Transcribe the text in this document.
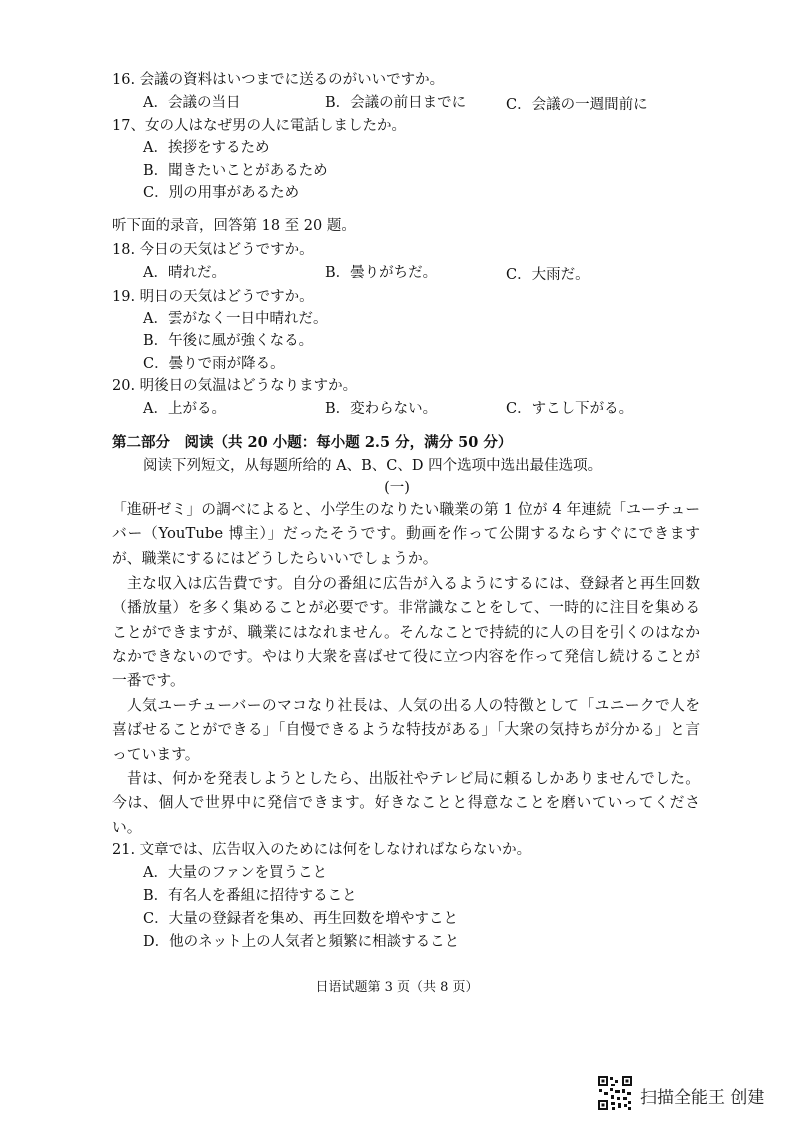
16. 会議の資料はいつまでに送るのがいいですか。
A．会議の当日	B．会議の前日までに	C．会議の一週間前に
17、女の人はなぜ男の人に電話しましたか。
A．挨拶をするため
B．聞きたいことがあるため
C．別の用事があるため
听下面的录音，回答第 18 至 20 题。
18. 今日の天気はどうですか。
A．晴れだ。	B．曇りがちだ。	C．大雨だ。
19. 明日の天気はどうですか。
A．雲がなく一日中晴れだ。
B．午後に風が強くなる。
C．曇りで雨が降る。
20. 明後日の気温はどうなりますか。
A．上がる。	B．変わらない。	C．すこし下がる。
第二部分　阅读（共 20 小题：每小题 2.5 分，满分 50 分）
阅读下列短文，从每题所给的 A、B、C、D 四个选项中选出最佳选项。
(一)
「進研ゼミ」の調べによると、小学生のなりたい職業の第 1 位が 4 年連続「ユーチューバー（YouTube 博主）」だったそうです。動画を作って公開するならすぐにできますが、職業にするにはどうしたらいいでしょうか。
主な収入は広告費です。自分の番組に広告が入るようにするには、登録者と再生回数（播放量）を多く集めることが必要です。非常識なことをして、一時的に注目を集めることができますが、職業にはなれません。そんなことで持続的に人の目を引くのはなかなかできないのです。やはり大衆を喜ばせて役に立つ内容を作って発信し続けることが一番です。
人気ユーチューバーのマコなり社長は、人気の出る人の特徴として「ユニークで人を喜ばせることができる」「自慢できるような特技がある」「大衆の気持ちが分かる」と言っています。
昔は、何かを発表しようとしたら、出版社やテレビ局に頼るしかありませんでした。今は、個人で世界中に発信できます。好きなことと得意なことを磨いていってください。
21. 文章では、広告収入のためには何をしなければならないか。
A．大量のファンを買うこと
B．有名人を番組に招待すること
C．大量の登録者を集め、再生回数を増やすこと
D．他のネット上の人気者と頻繁に相談すること
日语试题第 3 页（共 8 页）
扫描全能王 创建
